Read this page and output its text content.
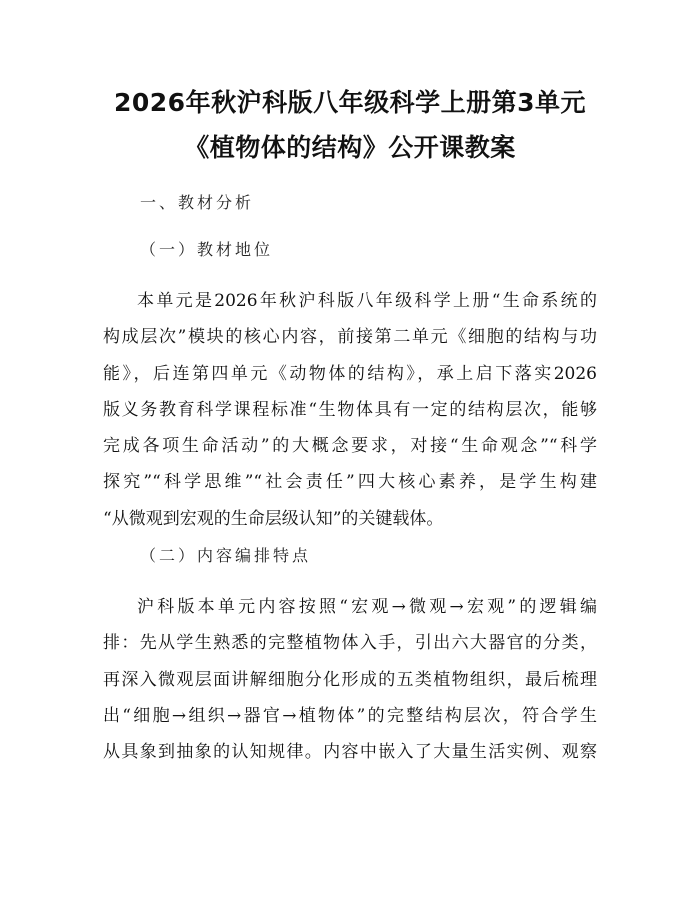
2026年秋沪科版八年级科学上册第3单元
《植物体的结构》公开课教案
一、教材分析
（一）教材地位
本单元是2026年秋沪科版八年级科学上册“生命系统的
构成层次”模块的核心内容，前接第二单元《细胞的结构与功
能》，后连第四单元《动物体的结构》，承上启下落实2026
版义务教育科学课程标准“生物体具有一定的结构层次，能够
完成各项生命活动”的大概念要求，对接“生命观念”“科学
探究”“科学思维”“社会责任”四大核心素养，是学生构建
“从微观到宏观的生命层级认知”的关键载体。
（二）内容编排特点
沪科版本单元内容按照“宏观→微观→宏观”的逻辑编
排：先从学生熟悉的完整植物体入手，引出六大器官的分类，
再深入微观层面讲解细胞分化形成的五类植物组织，最后梳理
出“细胞→组织→器官→植物体”的完整结构层次，符合学生
从具象到抽象的认知规律。内容中嵌入了大量生活实例、观察
